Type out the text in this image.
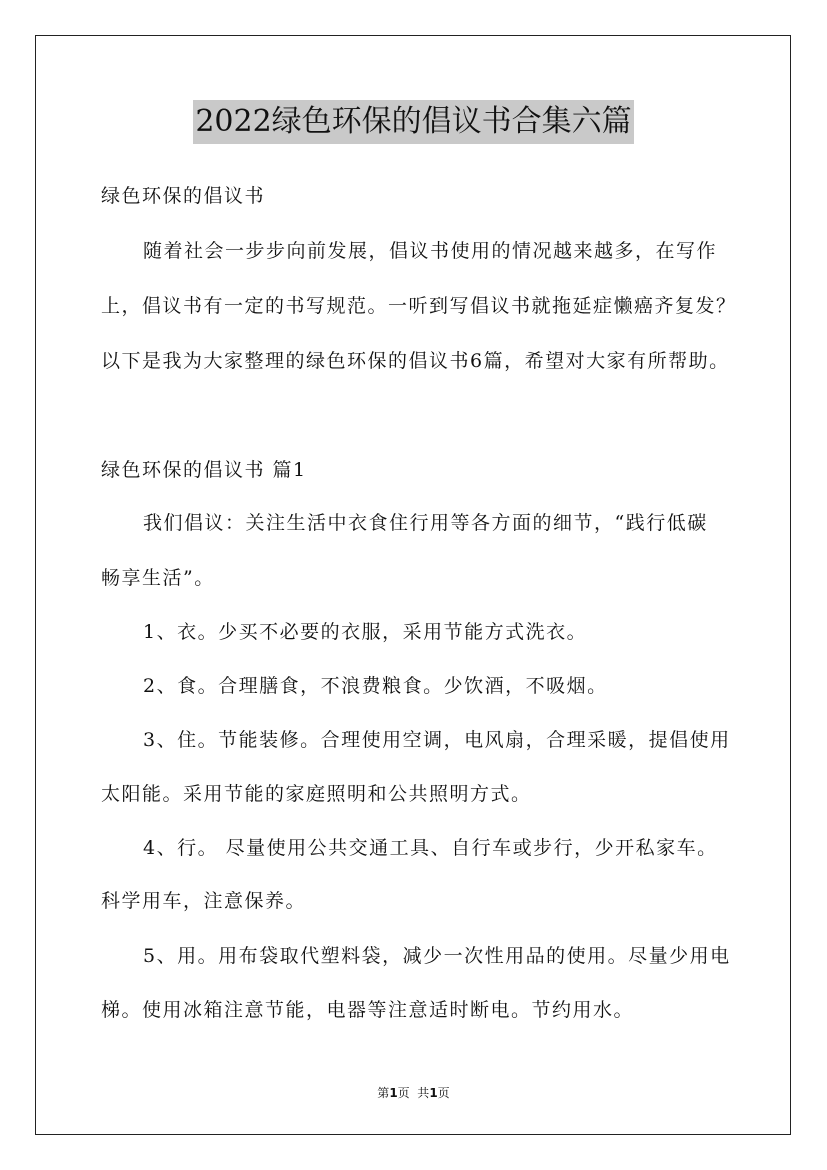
2022绿色环保的倡议书合集六篇
绿色环保的倡议书
随着社会一步步向前发展，倡议书使用的情况越来越多，在写作
上，倡议书有一定的书写规范。一听到写倡议书就拖延症懒癌齐复发？
以下是我为大家整理的绿色环保的倡议书6篇，希望对大家有所帮助。
绿色环保的倡议书 篇1
我们倡议：关注生活中衣食住行用等各方面的细节，“践行低碳
畅享生活”。
1、衣。少买不必要的衣服，采用节能方式洗衣。
2、食。合理膳食，不浪费粮食。少饮酒，不吸烟。
3、住。节能装修。合理使用空调，电风扇，合理采暖，提倡使用
太阳能。采用节能的家庭照明和公共照明方式。
4、行。 尽量使用公共交通工具、自行车或步行，少开私家车。
科学用车，注意保养。
5、用。用布袋取代塑料袋，减少一次性用品的使用。尽量少用电
梯。使用冰箱注意节能，电器等注意适时断电。节约用水。
第1页  共1页
